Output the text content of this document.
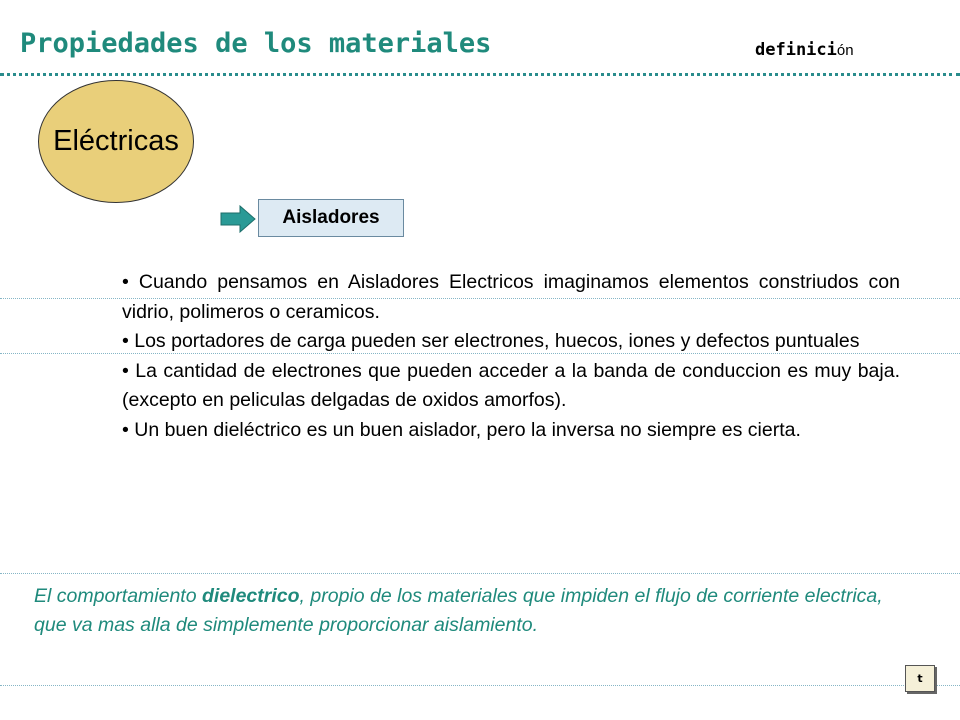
Propiedades de los materiales	definición
Eléctricas
Aisladores

• Cuando pensamos en Aisladores Electricos imaginamos elementos constriudos con vidrio, polimeros o ceramicos.

• Los portadores de carga pueden ser electrones, huecos, iones y defectos puntuales

• La cantidad de electrones que pueden acceder a la banda de conduccion es muy baja. (excepto en peliculas delgadas de oxidos amorfos).

• Un buen dieléctrico es un buen aislador, pero la inversa no siempre es cierta.

El comportamiento dielectrico, propio de los materiales que impiden el flujo de corriente electrica, que va mas alla de simplemente proporcionar aislamiento.
t
